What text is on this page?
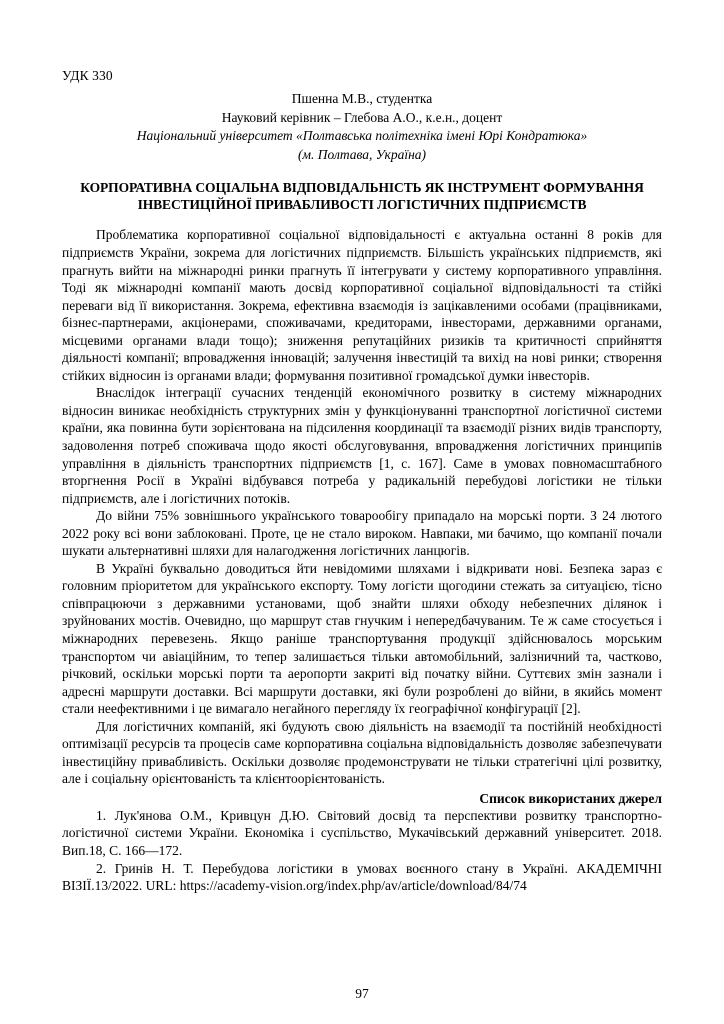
УДК 330
Пшенна М.В., студентка
Науковий керівник – Глебова А.О., к.е.н., доцент
Національний університет «Полтавська політехніка імені Юрі Кондратюка»
(м. Полтава, Україна)
КОРПОРАТИВНА СОЦІАЛЬНА ВІДПОВІДАЛЬНІСТЬ ЯК ІНСТРУМЕНТ ФОРМУВАННЯ ІНВЕСТИЦІЙНОЇ ПРИВАБЛИВОСТІ ЛОГІСТИЧНИХ ПІДПРИЄМСТВ

Проблематика корпоративної соціальної відповідальності є актуальна останні 8 років для підприємств України, зокрема для логістичних підприємств. Більшість українських підприємств, які прагнуть вийти на міжнародні ринки прагнуть її інтегрувати у систему корпоративного управління. Тоді як міжнародні компанії мають досвід корпоративної соціальної відповідальності та стійкі переваги від її використання. Зокрема, ефективна взаємодія із зацікавленими особами (працівниками, бізнес-партнерами, акціонерами, споживачами, кредиторами, інвесторами, державними органами, місцевими органами влади тощо); зниження репутаційних ризиків та критичності сприйняття діяльності компанії; впровадження інновацій; залучення інвестицій та вихід на нові ринки; створення стійких відносин із органами влади; формування позитивної громадської думки інвесторів.

Внаслідок інтеграції сучасних тенденцій економічного розвитку в систему міжнародних відносин виникає необхідність структурних змін у функціонуванні транспортної логістичної системи країни, яка повинна бути зорієнтована на підсилення координації та взаємодії різних видів транспорту, задоволення потреб споживача щодо якості обслуговування, впровадження логістичних принципів управління в діяльність транспортних підприємств [1, с. 167]. Саме в умовах повномасштабного вторгнення Росії в Україні відбувався потреба у радикальній перебудові логістики не тільки підприємств, але і логістичних потоків.

До війни 75% зовнішнього українського товарообігу припадало на морські порти. З 24 лютого 2022 року всі вони заблоковані. Проте, це не стало вироком. Навпаки, ми бачимо, що компанії почали шукати альтернативні шляхи для налагодження логістичних ланцюгів.

В Україні буквально доводиться йти невідомими шляхами і відкривати нові. Безпека зараз є головним пріоритетом для українського експорту. Тому логісти щогодини стежать за ситуацією, тісно співпрацюючи з державними установами, щоб знайти шляхи обходу небезпечних ділянок і зруйнованих мостів. Очевидно, що маршрут став гнучким і непередбачуваним. Те ж саме стосується і міжнародних перевезень. Якщо раніше транспортування продукції здійснювалось морським транспортом чи авіаційним, то тепер залишається тільки автомобільний, залізничний та, частково, річковий, оскільки морські порти та аеропорти закриті від початку війни. Суттєвих змін зазнали і адресні маршрути доставки. Всі маршрути доставки, які були розроблені до війни, в якийсь момент стали неефективними і це вимагало негайного перегляду їх географічної конфігурації [2].

Для логістичних компаній, які будують свою діяльність на взаємодії та постійній необхідності оптимізації ресурсів та процесів саме корпоративна соціальна відповідальність дозволяє забезпечувати інвестиційну привабливість. Оскільки дозволяє продемонструвати не тільки стратегічні цілі розвитку, але і соціальну орієнтованість та клієнтоорієнтованість.

Список використаних джерел

1. Лук'янова О.М., Кривцун Д.Ю. Світовий досвід та перспективи розвитку транспортно-логістичної системи України. Економіка і суспільство, Мукачівський державний університет. 2018. Вип.18, С. 166—172.

2. Гринів Н. Т. Перебудова логістики в умовах воєнного стану в Україні. АКАДЕМІЧНІ ВІЗІЇ.13/2022. URL: https://academy-vision.org/index.php/av/article/download/84/74

97
